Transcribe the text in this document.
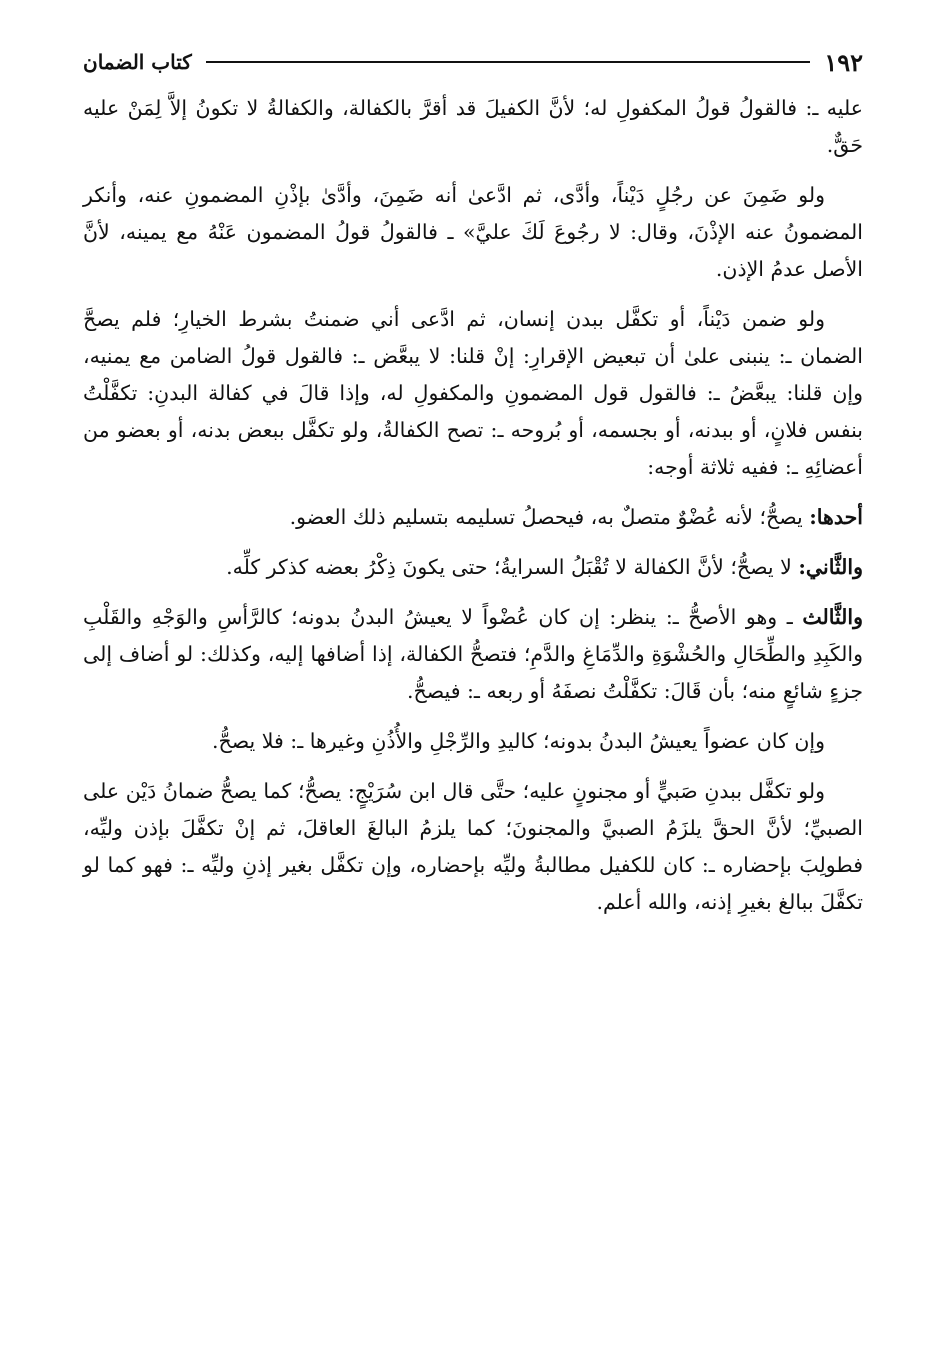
١٩٢
كتاب الضمان

عليه ـ: فالقولُ قولُ المكفولِ له؛ لأنَّ الكفيلَ قد أقرَّ بالكفالة، والكفالةُ لا تكونُ إلاَّ لِمَنْ عليه حَقٌّ.

ولو ضَمِنَ عن رجُلٍ دَيْناً، وأدَّى، ثم ادَّعىٰ أنه ضَمِنَ، وأدَّىٰ بإذْنِ المضمونِ عنه، وأنكر المضمونُ عنه الإذْنَ، وقال: لا رجُوعَ لَكَ عليَّ» ـ فالقولُ قولُ المضمون عَنْهُ مع يمينه، لأنَّ الأصل عدمُ الإذن.

ولو ضمن دَيْناً، أو تكفَّل ببدن إنسان، ثم ادَّعى أني ضمنتُ بشرط الخيارِ؛ فلم يصحَّ الضمان ـ: ينبنى علىٰ أن تبعيض الإقرارِ: إنْ قلنا: لا يبعَّض ـ: فالقول قولُ الضامن مع يمنيه، وإن قلنا: يبعَّضُ ـ: فالقول قول المضمونِ والمكفولِ له، وإذا قالَ في كفالة البدنِ: تكفَّلْتُ بنفس فلانٍ، أو ببدنه، أو بجسمه، أو بُروحه ـ: تصح الكفالةُ، ولو تكفَّل ببعض بدنه، أو بعضو من أعضائِهِ ـ: ففيه ثلاثة أوجه:

أحدها: يصحُّ؛ لأنه عُضْوٌ متصلٌ به، فيحصلُ تسليمه بتسليم ذلك العضو.

والثَّاني: لا يصحُّ؛ لأنَّ الكفالة لا تُقْبَلُ السرايةُ؛ حتى يكونَ ذِكْرُ بعضه كذكر كلِّه.

والثَّالث ـ وهو الأصحُّ ـ: ينظر: إن كان عُضْواً لا يعيشُ البدنُ بدونه؛ كالرَّأسِ والوَجْهِ والقَلْبِ والكَبِدِ والطِّحَالِ والحُشْوَةِ والدِّمَاغِ والدَّمِ؛ فتصحُّ الكفالة، إذا أضافها إليه، وكذلك: لو أضاف إلى جزءٍ شائعٍ منه؛ بأن قَالَ: تكفَّلْتُ نصفَهُ أو ربعه ـ: فيصحُّ.

وإن كان عضواً يعيشُ البدنُ بدونه؛ كاليدِ والرِّجْلِ والأُذُنِ وغيرها ـ: فلا يصحُّ.

ولو تكفَّل ببدنِ صَبيٍّ أو مجنونٍ عليه؛ حتَّى قال ابن سُرَيْجٍ: يصحُّ؛ كما يصحُّ ضمانُ دَيْن على الصبيِّ؛ لأنَّ الحقَّ يلزَمُ الصبيَّ والمجنونَ؛ كما يلزمُ البالغَ العاقلَ، ثم إنْ تكفَّلَ بإذن وليِّه، فطولِبَ بإحضاره ـ: كان للكفيل مطالبةُ وليِّه بإحضاره، وإن تكفَّل بغير إذنِ وليِّه ـ: فهو كما لو تكفَّلَ ببالغ بغيرِ إذنه، والله أعلم.
